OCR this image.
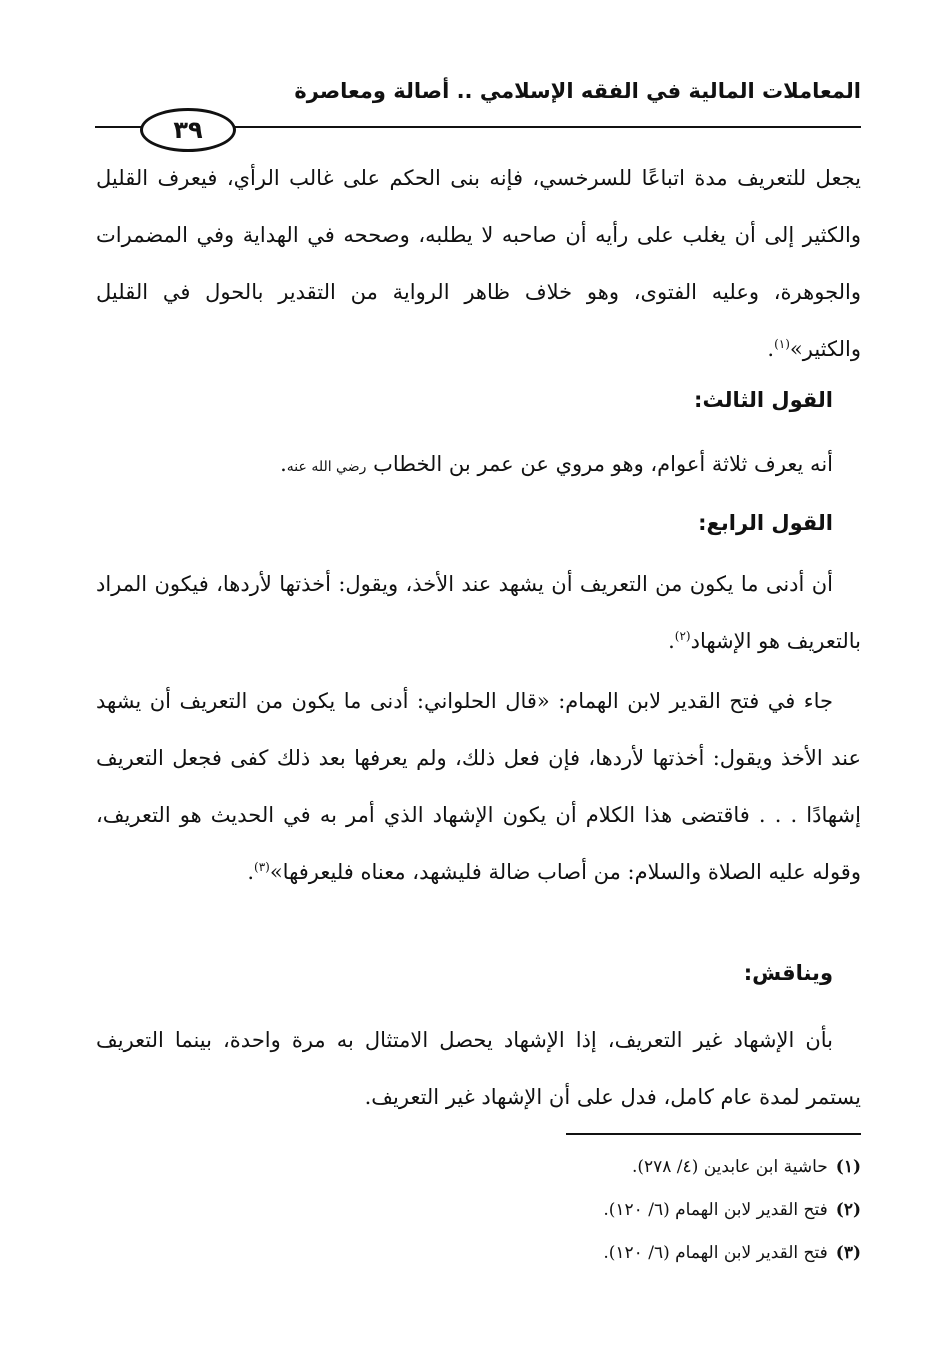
المعاملات المالية في الفقه الإسلامي .. أصالة ومعاصرة
٣٩

يجعل للتعريف مدة اتباعًا للسرخسي، فإنه بنى الحكم على غالب الرأي، فيعرف القليل والكثير إلى أن يغلب على رأيه أن صاحبه لا يطلبه، وصححه في الهداية وفي المضمرات والجوهرة، وعليه الفتوى، وهو خلاف ظاهر الرواية من التقدير بالحول في القليل والكثير»$^{(١)}$.

القول الثالث:

أنه يعرف ثلاثة أعوام، وهو مروي عن عمر بن الخطاب رضي الله عنه.

القول الرابع:

أن أدنى ما يكون من التعريف أن يشهد عند الأخذ، ويقول: أخذتها لأردها، فيكون المراد بالتعريف هو الإشهاد$^{(٢)}$.

جاء في فتح القدير لابن الهمام: «قال الحلواني: أدنى ما يكون من التعريف أن يشهد عند الأخذ ويقول: أخذتها لأردها، فإن فعل ذلك، ولم يعرفها بعد ذلك كفى فجعل التعريف إشهادًا . . . فاقتضى هذا الكلام أن يكون الإشهاد الذي أمر به في الحديث هو التعريف، وقوله عليه الصلاة والسلام: من أصاب ضالة فليشهد، معناه فليعرفها»$^{(٣)}$.

ويناقش:

بأن الإشهاد غير التعريف، إذا الإشهاد يحصل الامتثال به مرة واحدة، بينما التعريف يستمر لمدة عام كامل، فدل على أن الإشهاد غير التعريف.

(١)حاشية ابن عابدين (٤/ ٢٧٨).

(٢)فتح القدير لابن الهمام (٦/ ١٢٠).

(٣)فتح القدير لابن الهمام (٦/ ١٢٠).
